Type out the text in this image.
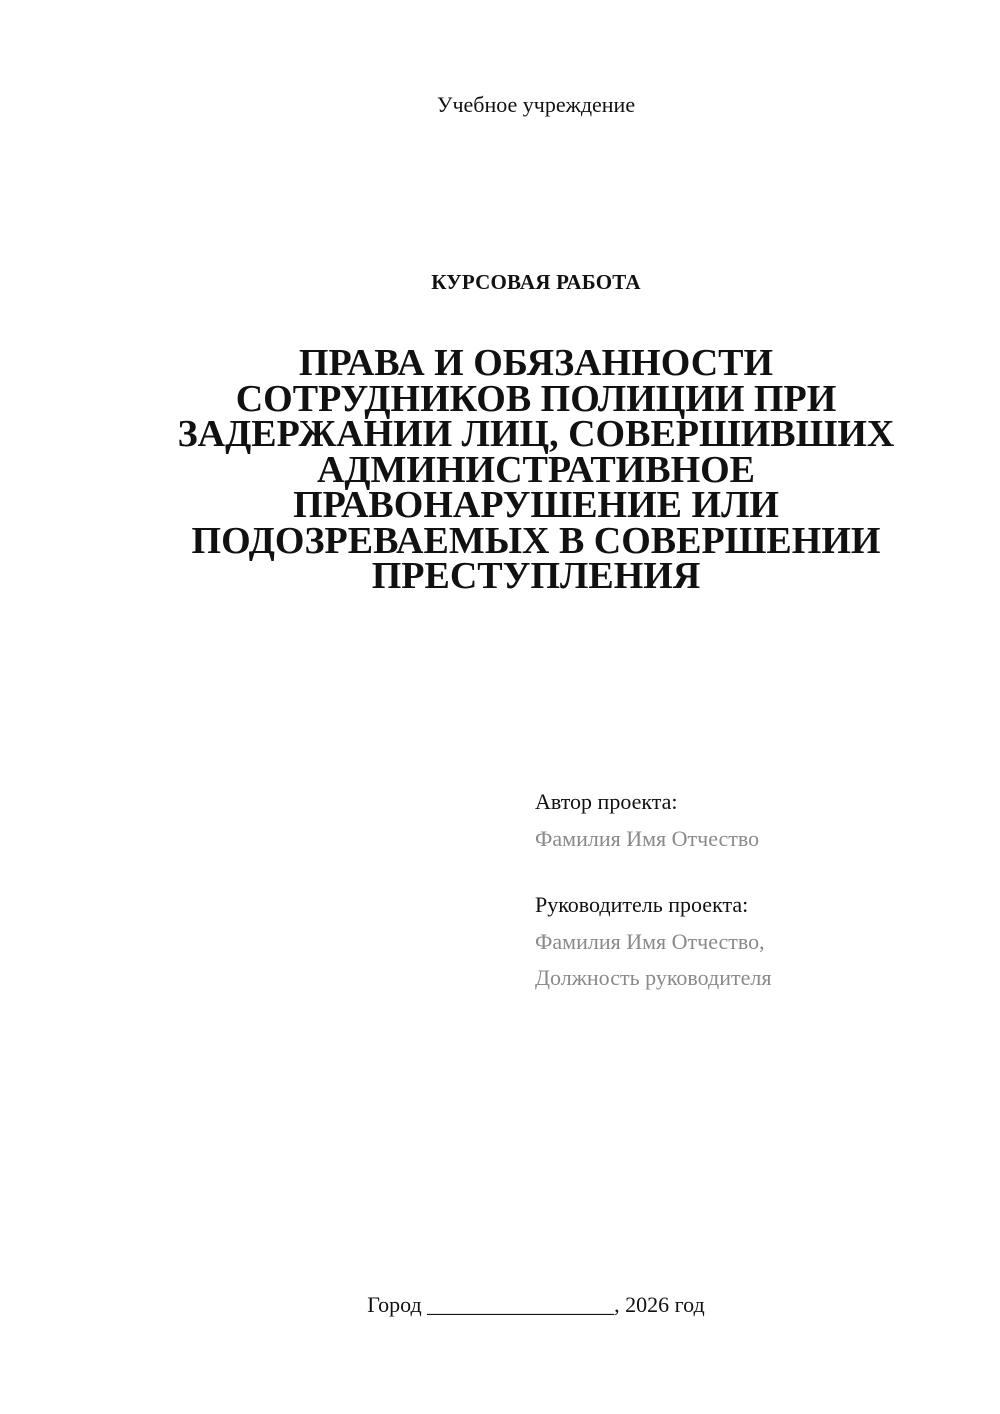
Учебное учреждение
КУРСОВАЯ РАБОТА
ПРАВА И ОБЯЗАННОСТИ
СОТРУДНИКОВ ПОЛИЦИИ ПРИ
ЗАДЕРЖАНИИ ЛИЦ, СОВЕРШИВШИХ
АДМИНИСТРАТИВНОЕ
ПРАВОНАРУШЕНИЕ ИЛИ
ПОДОЗРЕВАЕМЫХ В СОВЕРШЕНИИ
ПРЕСТУПЛЕНИЯ
Автор проекта:
Фамилия Имя Отчество
Руководитель проекта:
Фамилия Имя Отчество,
Должность руководителя
Город _________________, 2026 год
